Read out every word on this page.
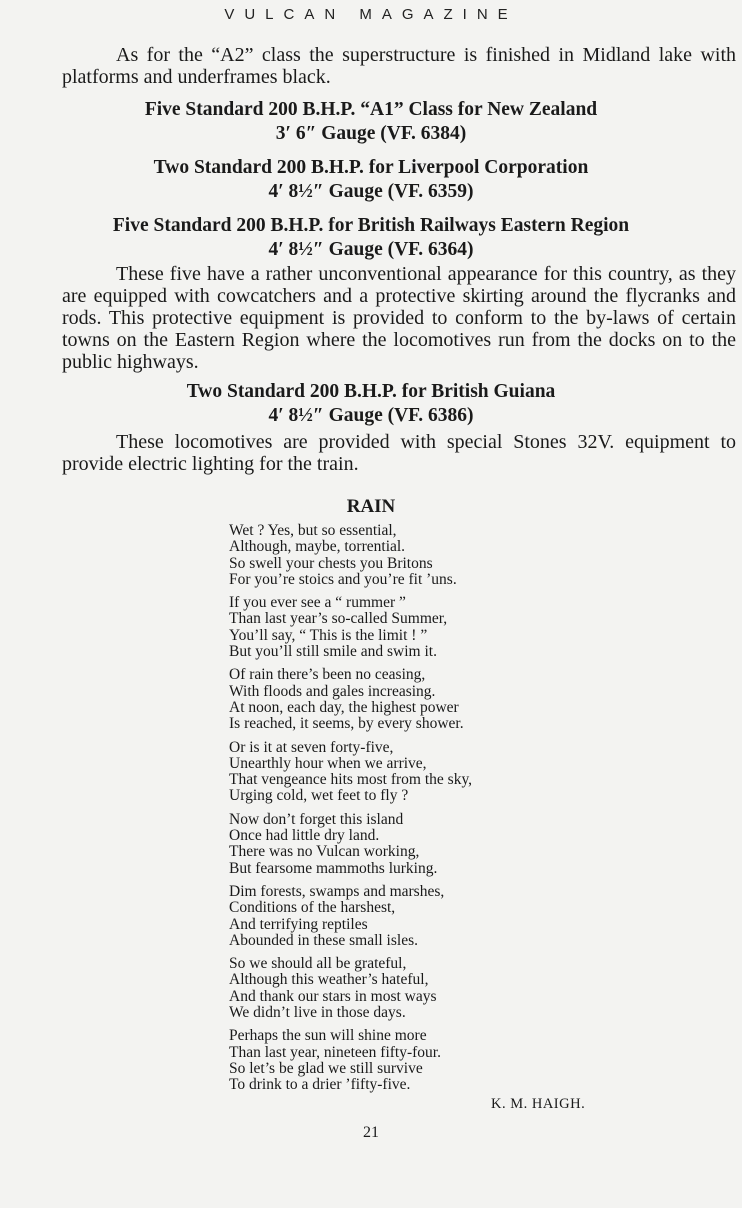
VULCAN MAGAZINE

As for the “A2” class the superstructure is finished in Midland lake with platforms and underframes black.

Five Standard 200 B.H.P. “A1” Class for New Zealand
3′ 6″ Gauge (VF. 6384)
Two Standard 200 B.H.P. for Liverpool Corporation
4′ 8½″ Gauge (VF. 6359)
Five Standard 200 B.H.P. for British Railways Eastern Region
4′ 8½″ Gauge (VF. 6364)

These five have a rather unconventional appearance for this country, as they are equipped with cowcatchers and a protective skirting around the flycranks and rods. This protective equipment is provided to conform to the by-laws of certain towns on the Eastern Region where the locomotives run from the docks on to the public highways.

Two Standard 200 B.H.P. for British Guiana
4′ 8½″ Gauge (VF. 6386)

These locomotives are provided with special Stones 32V. equipment to provide electric lighting for the train.

RAIN
Wet ? Yes, but so essential,
Although, maybe, torrential.
So swell your chests you Britons
For you’re stoics and you’re fit ’uns.
If you ever see a “ rummer ”
Than last year’s so-called Summer,
You’ll say, “ This is the limit ! ”
But you’ll still smile and swim it.
Of rain there’s been no ceasing,
With floods and gales increasing.
At noon, each day, the highest power
Is reached, it seems, by every shower.
Or is it at seven forty-five,
Unearthly hour when we arrive,
That vengeance hits most from the sky,
Urging cold, wet feet to fly ?
Now don’t forget this island
Once had little dry land.
There was no Vulcan working,
But fearsome mammoths lurking.
Dim forests, swamps and marshes,
Conditions of the harshest,
And terrifying reptiles
Abounded in these small isles.
So we should all be grateful,
Although this weather’s hateful,
And thank our stars in most ways
We didn’t live in those days.
Perhaps the sun will shine more
Than last year, nineteen fifty-four.
So let’s be glad we still survive
To drink to a drier ’fifty-five.
K. M. HAIGH.
21
